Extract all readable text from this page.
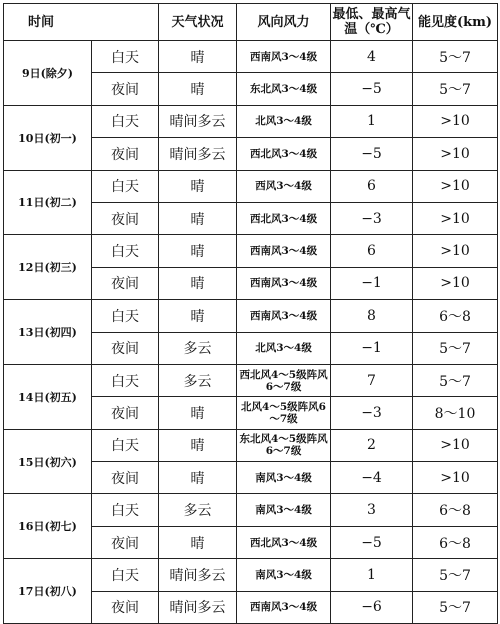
时间		天气状况	风向风力	最低、最高气温（℃）	能见度(km)
9日(除夕)	白天	晴	西南风3～4级	4	5～7
	夜间	晴	东北风3～4级	−5	5～7
10日(初一)	白天	晴间多云	北风3～4级	1	>10
	夜间	晴间多云	西北风3～4级	−5	>10
11日(初二)	白天	晴	西风3～4级	6	>10
	夜间	晴	西北风3～4级	−3	>10
12日(初三)	白天	晴	西南风3～4级	6	>10
	夜间	晴	西南风3～4级	−1	>10
13日(初四)	白天	晴	西南风3～4级	8	6～8
	夜间	多云	北风3～4级	−1	5～7
14日(初五)	白天	多云	西北风4～5级阵风6～7级	7	5～7
	夜间	晴	北风4～5级阵风6～7级	−3	8～10
15日(初六)	白天	晴	东北风4～5级阵风6～7级	2	>10
	夜间	晴	南风3～4级	−4	>10
16日(初七)	白天	多云	南风3～4级	3	6～8
	夜间	晴	西北风3～4级	−5	6～8
17日(初八)	白天	晴间多云	南风3～4级	1	5～7
	夜间	晴间多云	西南风3～4级	−6	5～7
